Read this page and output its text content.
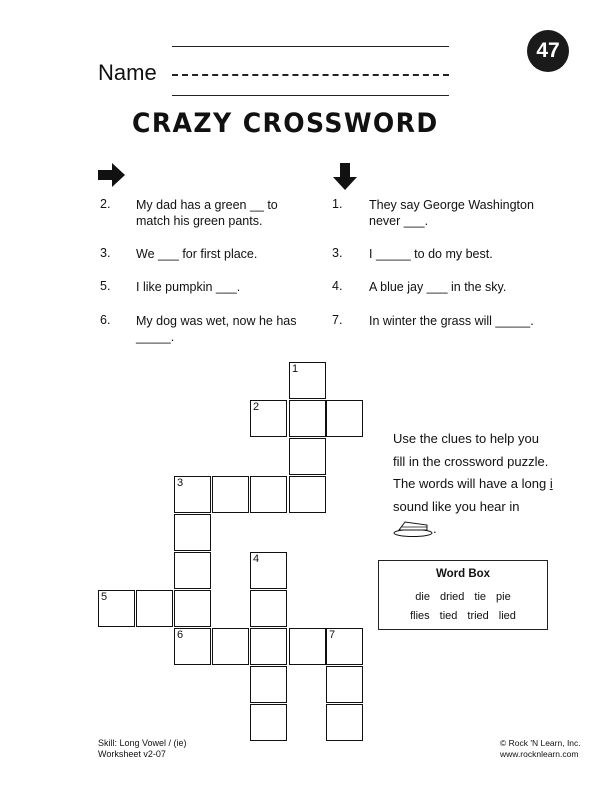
47
Name
CRAZY CROSSWORD
2. My dad has a green __ to match his green pants.
3. We ___ for first place.
5. I like pumpkin ___.
6. My dog was wet, now he has _____.
1. They say George Washington never ___.
3. I _____ to do my best.
4. A blue jay ___ in the sky.
7. In winter the grass will _____.
1
2
3
4
5
6	7
Use the clues to help you fill in the crossword puzzle. The words will have a long i sound like you hear in .
Word Box
die dried tie pie
flies tied tried lied
Skill: Long Vowel / (ie)
Worksheet v2-07
© Rock 'N Learn, Inc.
www.rocknlearn.com
